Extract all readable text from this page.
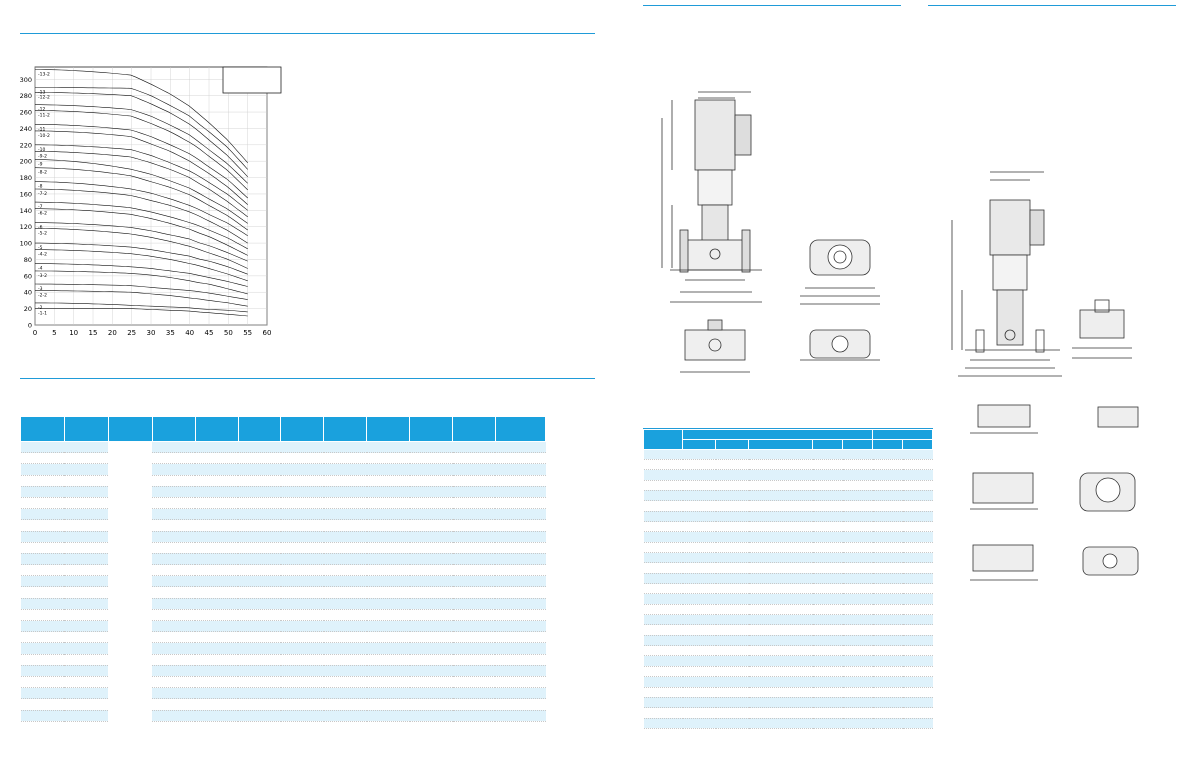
0 5 10 15 20 25 30 35 40 45 50 55 60
0
20
40
60
80
100
120
140
160
180
200
220
240
260
280
300
-13-2
-13
-12-2
-12
-11-2
-11
-10-2
-10
-9-2
-9
-8-2
-8
-7-2
-7
-6-2
-6
-5-2
-5
-4-2
-4
-3-2
-3
-2-2
-2
-1-1
